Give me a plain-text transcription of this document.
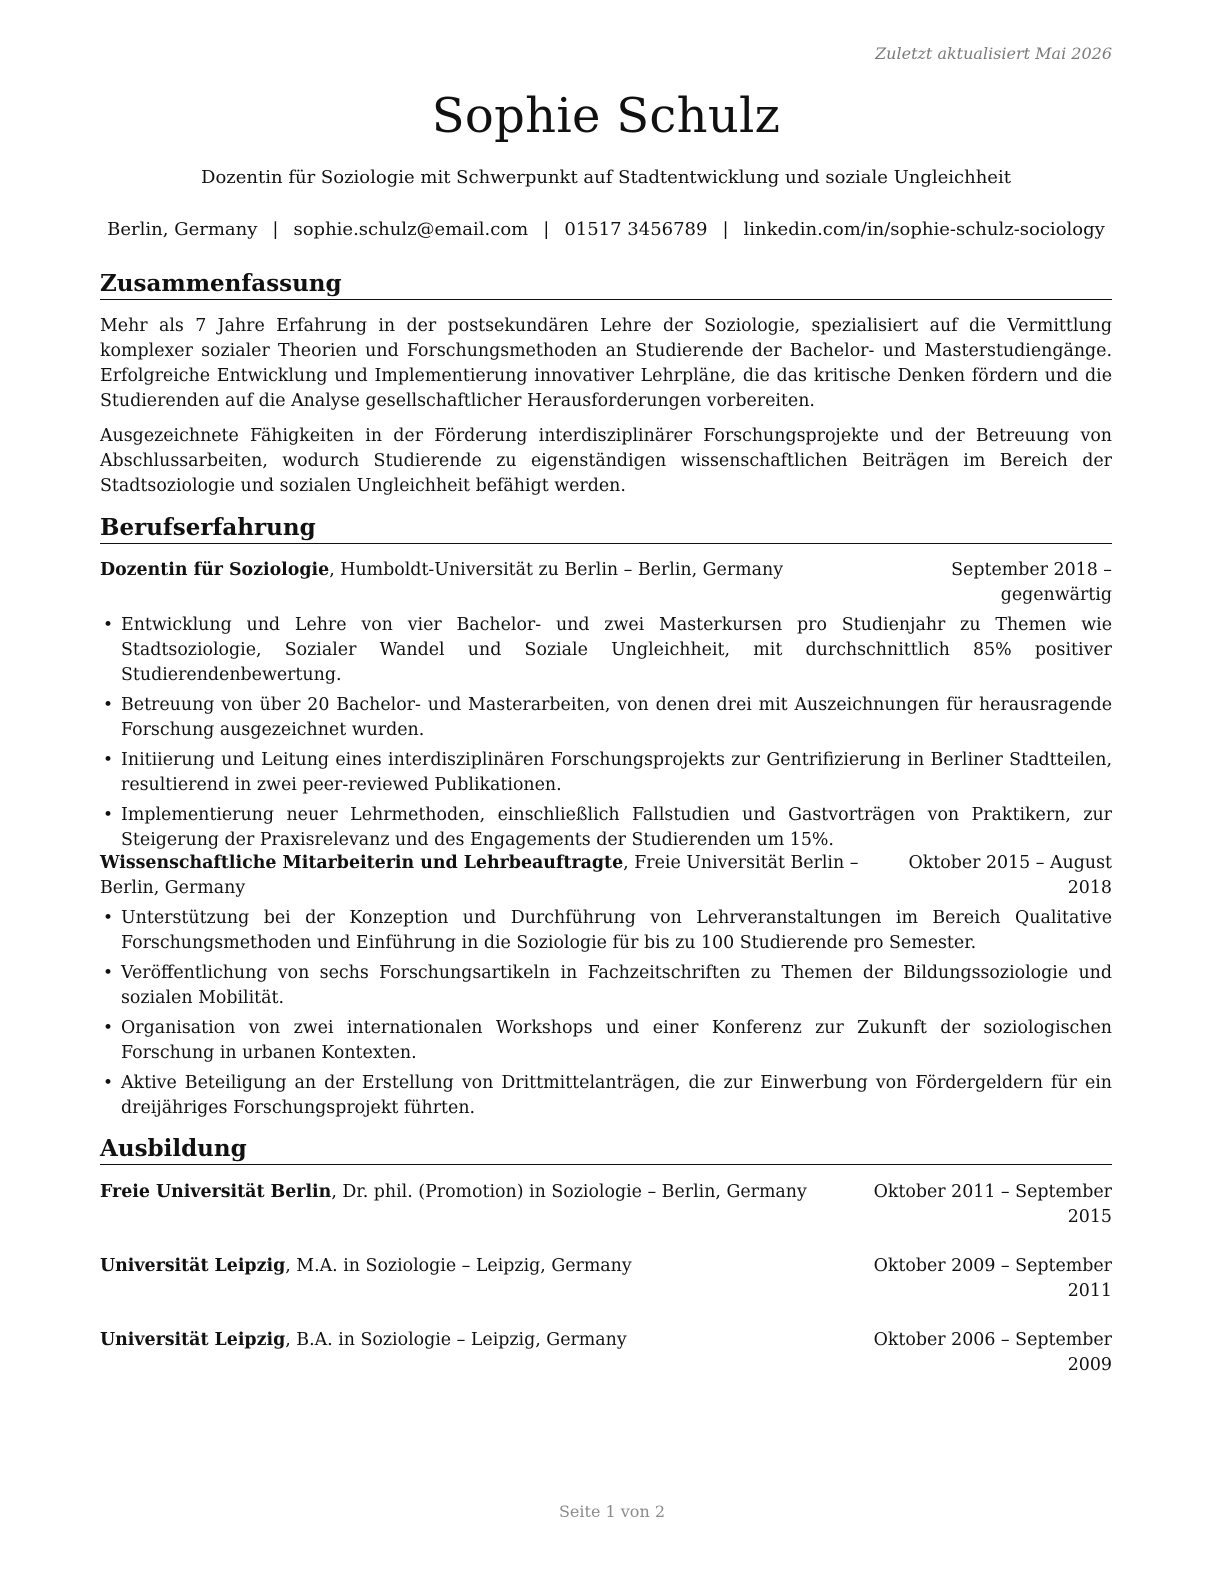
Zuletzt aktualisiert Mai 2026
Sophie Schulz
Dozentin für Soziologie mit Schwerpunkt auf Stadtentwicklung und soziale Ungleichheit
Berlin, Germany | sophie.schulz@email.com | 01517 3456789 | linkedin.com/in/sophie-schulz-sociology
Zusammenfassung

Mehr als 7 Jahre Erfahrung in der postsekundären Lehre der Soziologie, spezialisiert auf die Vermittlung komplexer sozialer Theorien und Forschungsmethoden an Studierende der Bachelor- und Masterstudiengänge. Erfolgreiche Entwicklung und Implementierung innovativer Lehrpläne, die das kritische Denken fördern und die Studierenden auf die Analyse gesellschaftlicher Herausforderungen vorbereiten.

Ausgezeichnete Fähigkeiten in der Förderung interdisziplinärer Forschungsprojekte und der Betreuung von Abschlussarbeiten, wodurch Studierende zu eigenständigen wissenschaftlichen Beiträgen im Bereich der Stadtsoziologie und sozialen Ungleichheit befähigt werden.

Berufserfahrung
Dozentin für Soziologie, Humboldt-Universität zu Berlin – Berlin, Germany	September 2018 – gegenwärtig
• Entwicklung und Lehre von vier Bachelor- und zwei Masterkursen pro Studienjahr zu Themen wie Stadtsoziologie, Sozialer Wandel und Soziale Ungleichheit, mit durchschnittlich 85% positiver Studierendenbewertung.
• Betreuung von über 20 Bachelor- und Masterarbeiten, von denen drei mit Auszeichnungen für herausragende Forschung ausgezeichnet wurden.
• Initiierung und Leitung eines interdisziplinären Forschungsprojekts zur Gentrifizierung in Berliner Stadtteilen, resultierend in zwei peer-reviewed Publikationen.
• Implementierung neuer Lehrmethoden, einschließlich Fallstudien und Gastvorträgen von Praktikern, zur Steigerung der Praxisrelevanz und des Engagements der Studierenden um 15%.
Wissenschaftliche Mitarbeiterin und Lehrbeauftragte, Freie Universität Berlin – Berlin, Germany
Oktober 2015 – August 2018
• Unterstützung bei der Konzeption und Durchführung von Lehrveranstaltungen im Bereich Qualitative Forschungsmethoden und Einführung in die Soziologie für bis zu 100 Studierende pro Semester.
• Veröffentlichung von sechs Forschungsartikeln in Fachzeitschriften zu Themen der Bildungssoziologie und sozialen Mobilität.
• Organisation von zwei internationalen Workshops und einer Konferenz zur Zukunft der soziologischen Forschung in urbanen Kontexten.
• Aktive Beteiligung an der Erstellung von Drittmittelanträgen, die zur Einwerbung von Fördergeldern für ein dreijähriges Forschungsprojekt führten.
Ausbildung
Freie Universität Berlin, Dr. phil. (Promotion) in Soziologie – Berlin, Germany	Oktober 2011 – September 2015
Universität Leipzig, M.A. in Soziologie – Leipzig, Germany	Oktober 2009 – September 2011
Universität Leipzig, B.A. in Soziologie – Leipzig, Germany	Oktober 2006 – September 2009
Seite 1 von 2
